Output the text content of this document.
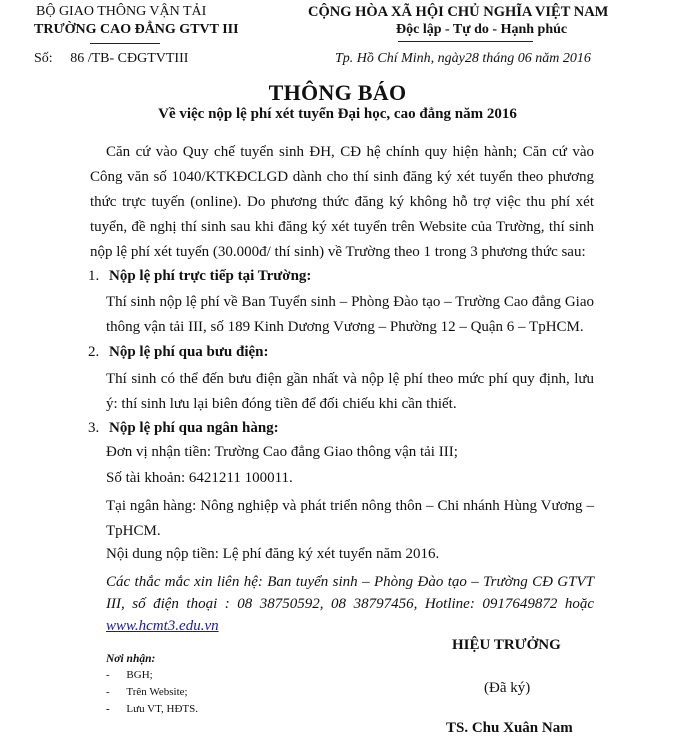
BỘ GIAO THÔNG VẬN TẢI
TRƯỜNG CAO ĐẲNG GTVT III
Số: 86 /TB- CĐGTVTIII
CỘNG HÒA XÃ HỘI CHỦ NGHĨA VIỆT NAM
Độc lập - Tự do - Hạnh phúc
Tp. Hồ Chí Minh, ngày28 tháng 06 năm 2016
THÔNG BÁO
Về việc nộp lệ phí xét tuyển Đại học, cao đẳng năm 2016
Căn cứ vào Quy chế tuyển sinh ĐH, CĐ hệ chính quy hiện hành; Căn cứ vào Công văn số 1040/KTKĐCLGD dành cho thí sinh đăng ký xét tuyển theo phương thức trực tuyến (online). Do phương thức đăng ký không hỗ trợ việc thu phí xét tuyển, đề nghị thí sinh sau khi đăng ký xét tuyển trên Website của Trường, thí sinh nộp lệ phí xét tuyển (30.000đ/ thí sinh) về Trường theo 1 trong 3 phương thức sau:
1. Nộp lệ phí trực tiếp tại Trường:
Thí sinh nộp lệ phí về Ban Tuyển sinh – Phòng Đào tạo – Trường Cao đẳng Giao thông vận tải III, số 189 Kinh Dương Vương – Phường 12 – Quận 6 – TpHCM.
2. Nộp lệ phí qua bưu điện:
Thí sinh có thể đến bưu điện gần nhất và nộp lệ phí theo mức phí quy định, lưu ý: thí sinh lưu lại biên đóng tiền để đối chiếu khi cần thiết.
3. Nộp lệ phí qua ngân hàng:
Đơn vị nhận tiền: Trường Cao đẳng Giao thông vận tải III;
Số tài khoản: 6421211 100011.
Tại ngân hàng: Nông nghiệp và phát triển nông thôn – Chi nhánh Hùng Vương – TpHCM.
Nội dung nộp tiền: Lệ phí đăng ký xét tuyển năm 2016.
Các thắc mắc xin liên hệ: Ban tuyển sinh – Phòng Đào tạo – Trường CĐ GTVT III, số điện thoại : 08 38750592, 08 38797456, Hotline: 0917649872 hoặc www.hcmt3.edu.vn
Nơi nhận:
- BGH;
- Trên Website;
- Lưu VT, HĐTS.
HIỆU TRƯỞNG
(Đã ký)
TS. Chu Xuân Nam
